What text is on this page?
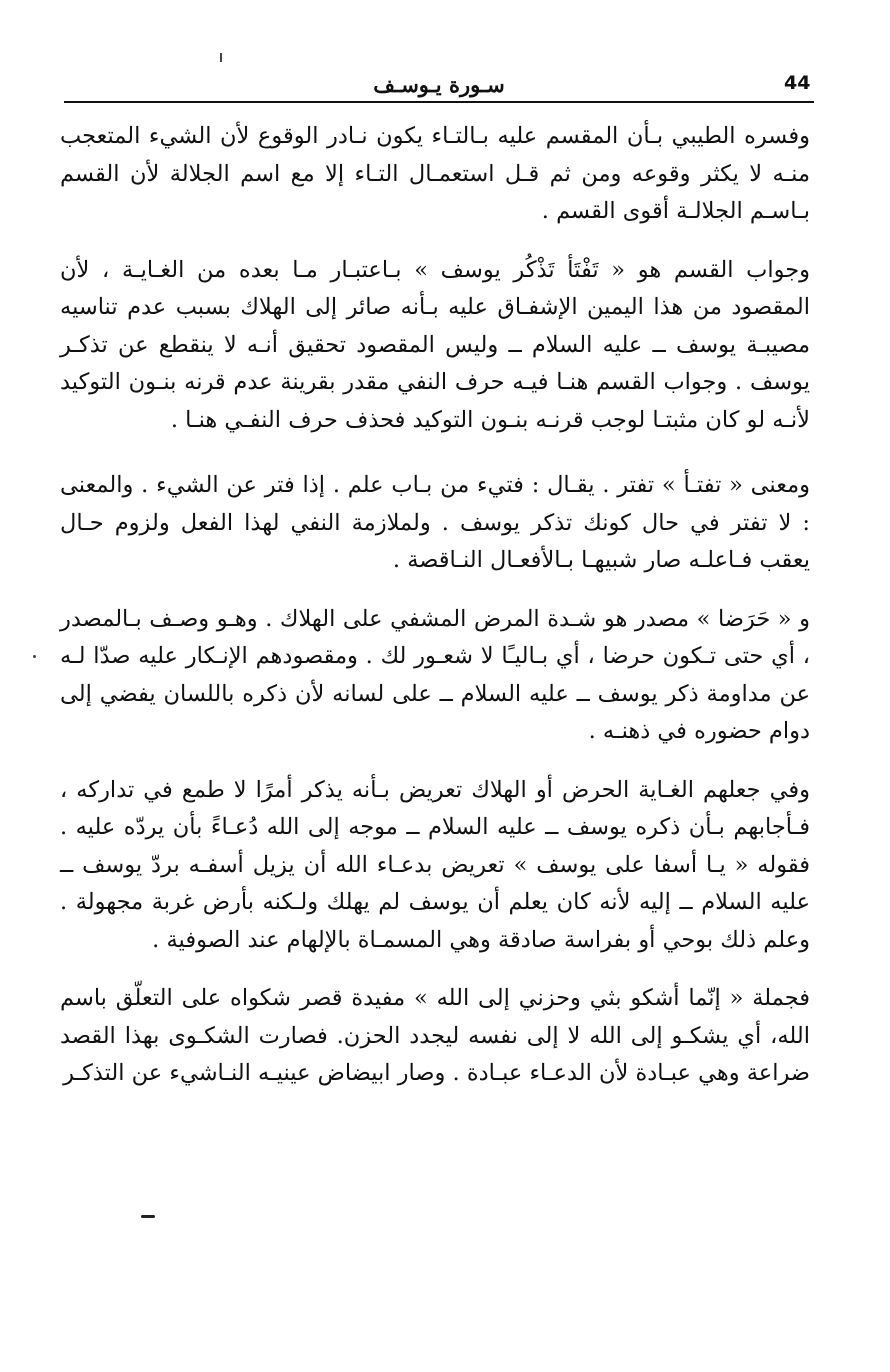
44
سـورة يـوسـف

وفسره الطيبي بـأن المقسم عليه بـالتـاء يكون نـادر الوقوع لأن الشيء المتعجب منـه لا يكثر وقوعه ومن ثم قـل استعمـال التـاء إلا مع اسم الجلالة لأن القسم بـاسـم الجلالـة أقوى القسم .

وجواب القسم هو « تَفْتَأ تَذْكُر يوسف » بـاعتبـار مـا بعده من الغـايـة ، لأن المقصود من هذا اليمين الإشفـاق عليه بـأنه صائر إلى الهلاك بسبب عدم تناسيه مصيبـة يوسف ــ عليه السلام ــ وليس المقصود تحقيق أنـه لا ينقطع عن تذكـر يوسف . وجواب القسم هنـا فيـه حرف النفي مقدر بقرينة عدم قرنه بنـون التوكيد لأنـه لو كان مثبتـا لوجب قرنـه بنـون التوكيد فحذف حرف النفـي هنـا .

ومعنى « تفتـأ » تفتر . يقـال : فتيء من بـاب علم . إذا فتر عن الشيء . والمعنى : لا تفتر في حال كونك تذكر يوسف . ولملازمة النفي لهذا الفعل ولزوم حـال يعقب فـاعلـه صار شبيهـا بـالأفعـال النـاقصة .

و « حَرَضا » مصدر هو شـدة المرض المشفي على الهلاك . وهـو وصـف بـالمصدر ، أي حتى تـكون حرضا ، أي بـاليـًا لا شعـور لك . ومقصودهم الإنـكار عليه صدّا لـه عن مداومة ذكر يوسف ــ عليه السلام ــ على لسانه لأن ذكره باللسان يفضي إلى دوام حضوره في ذهنـه .

وفي جعلهم الغـاية الحرض أو الهلاك تعريض بـأنه يذكر أمرًا لا طمع في تداركه ، فـأجابهم بـأن ذكره يوسف ــ عليه السلام ــ موجه إلى الله دُعـاءً بأن يردّه عليه . فقوله « يـا أسفا على يوسف » تعريض بدعـاء الله أن يزيل أسفـه بردّ يوسف ــ عليه السلام ــ إليه لأنه كان يعلم أن يوسف لم يهلك ولـكنه بأرض غربة مجهولة . وعلم ذلك بوحي أو بفراسة صادقة وهي المسمـاة بالإلهام عند الصوفية .

فجملة « إنّما أشكو بثي وحزني إلى الله » مفيدة قصر شكواه على التعلّق باسم الله، أي يشكـو إلى الله لا إلى نفسه ليجدد الحزن. فصارت الشكـوى بهذا القصد ضراعة وهي عبـادة لأن الدعـاء عبـادة . وصار ابيضاض عينيـه النـاشيء عن التذكـر
